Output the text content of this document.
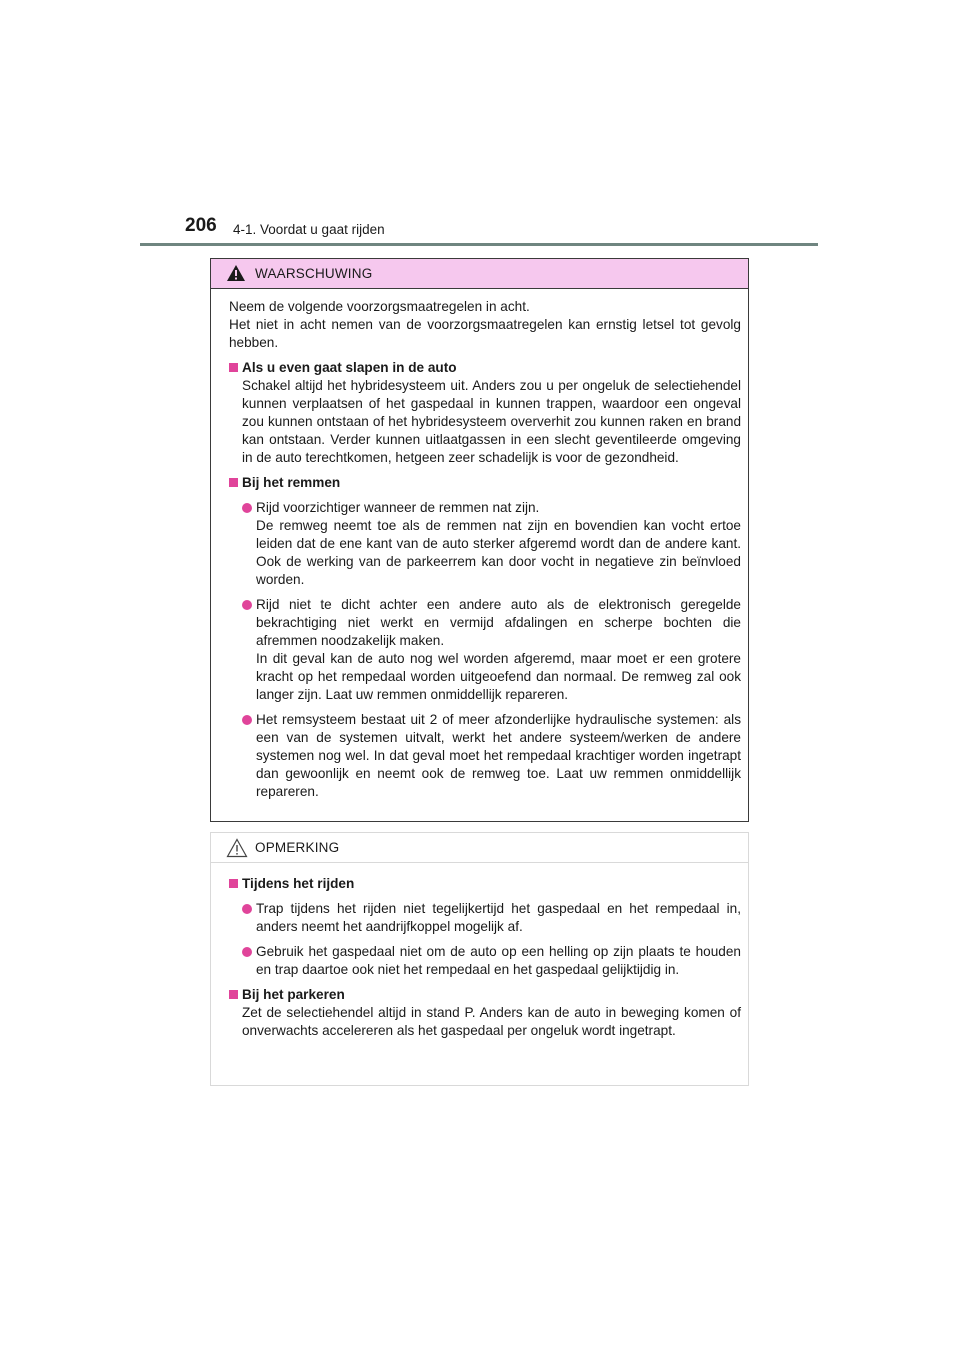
206 4-1. Voordat u gaat rijden
WAARSCHUWING

Neem de volgende voorzorgsmaatregelen in acht.

Het niet in acht nemen van de voorzorgsmaatregelen kan ernstig letsel tot gevolg hebben.

Als u even gaat slapen in de auto
Schakel altijd het hybridesysteem uit. Anders zou u per ongeluk de selectiehendel kunnen verplaatsen of het gaspedaal in kunnen trappen, waardoor een ongeval zou kunnen ontstaan of het hybridesysteem oververhit zou kunnen raken en brand kan ontstaan. Verder kunnen uitlaatgassen in een slecht geventileerde omgeving in de auto terechtkomen, hetgeen zeer schadelijk is voor de gezondheid.
Bij het remmen
Rijd voorzichtiger wanneer de remmen nat zijn.
De remweg neemt toe als de remmen nat zijn en bovendien kan vocht ertoe leiden dat de ene kant van de auto sterker afgeremd wordt dan de andere kant. Ook de werking van de parkeerrem kan door vocht in negatieve zin beïnvloed worden.
Rijd niet te dicht achter een andere auto als de elektronisch geregelde bekrachtiging niet werkt en vermijd afdalingen en scherpe bochten die afremmen noodzakelijk maken.
In dit geval kan de auto nog wel worden afgeremd, maar moet er een grotere kracht op het rempedaal worden uitgeoefend dan normaal. De remweg zal ook langer zijn. Laat uw remmen onmiddellijk repareren.
Het remsysteem bestaat uit 2 of meer afzonderlijke hydraulische systemen: als een van de systemen uitvalt, werkt het andere systeem/werken de andere systemen nog wel. In dat geval moet het rempedaal krachtiger worden ingetrapt dan gewoonlijk en neemt ook de remweg toe. Laat uw remmen onmiddellijk repareren.
OPMERKING
Tijdens het rijden
Trap tijdens het rijden niet tegelijkertijd het gaspedaal en het rempedaal in, anders neemt het aandrijfkoppel mogelijk af.
Gebruik het gaspedaal niet om de auto op een helling op zijn plaats te houden en trap daartoe ook niet het rempedaal en het gaspedaal gelijktijdig in.
Bij het parkeren
Zet de selectiehendel altijd in stand P. Anders kan de auto in beweging komen of onverwachts accelereren als het gaspedaal per ongeluk wordt ingetrapt.
